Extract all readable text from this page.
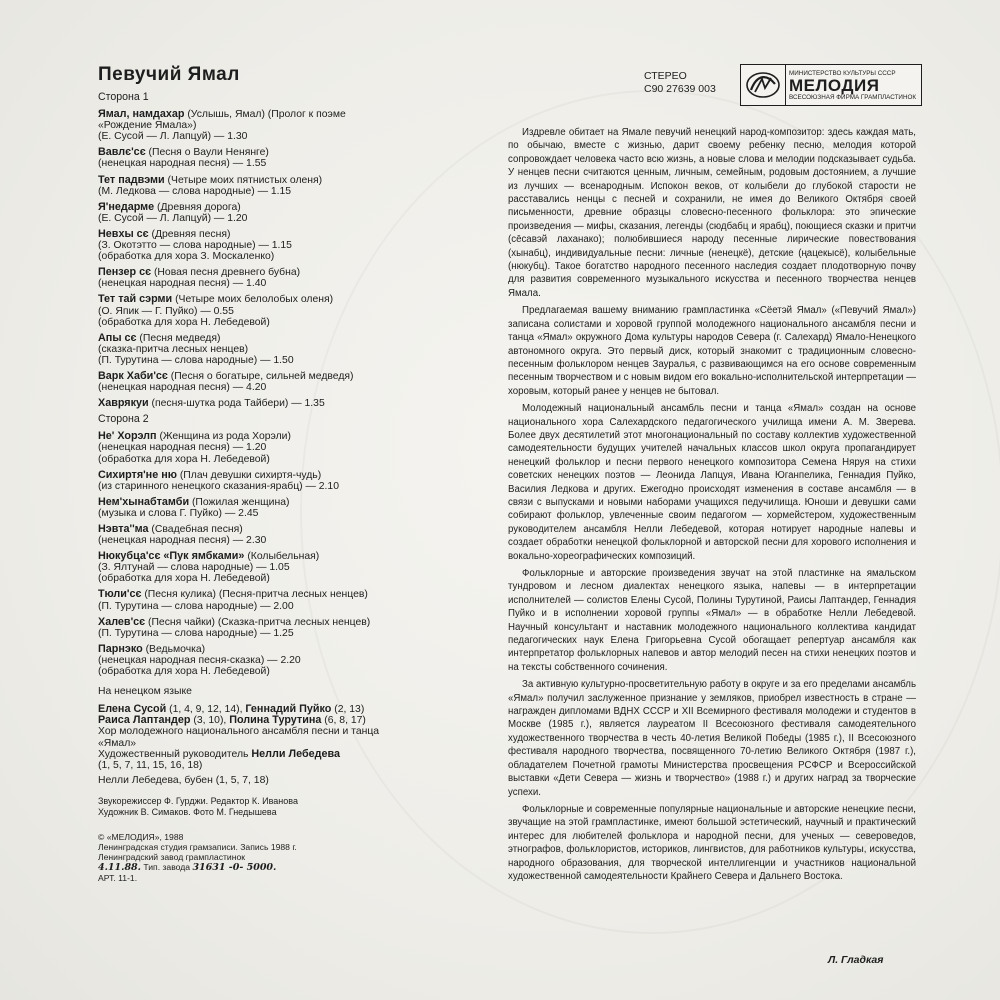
Певучий Ямал	СТЕРЕО
С90 27639 003
МИНИСТЕРСТВО КУЛЬТУРЫ СССР
МЕЛОДИЯ
ВСЕСОЮЗНАЯ ФИРМА ГРАМПЛАСТИНОК
Сторона 1
Ямал, намдахар (Услышь, Ямал) (Пролог к поэме
«Рождение Ямала»)
(Е. Сусой — Л. Лапцуй) — 1.30
Вавлє'сє (Песня о Ваули Ненянге)
(ненецкая народная песня) — 1.55
Тет падвэми (Четыре моих пятнистых оленя)
(М. Ледкова — слова народные) — 1.15
Я'недарме (Древняя дорога)
(Е. Сусой — Л. Лапцуй) — 1.20
Невхы сє (Древняя песня)
(З. Окотэтто — слова народные) — 1.15
(обработка для хора З. Москаленко)
Пензер сє (Новая песня древнего бубна)
(ненецкая народная песня) — 1.40
Тет тай сэрми (Четыре моих белолобых оленя)
(О. Япик — Г. Пуйко) — 0.55
(обработка для хора Н. Лебедевой)
Апы сє (Песня медведя)
(сказка-притча лесных ненцев)
(П. Турутина — слова народные) — 1.50
Варк Хаби'сє (Песня о богатыре, сильней медведя)
(ненецкая народная песня) — 4.20
Хаврякуи (песня-шутка рода Тайбери) — 1.35
Сторона 2
Не' Хорэлп (Женщина из рода Хорэли)
(ненецкая народная песня) — 1.20
(обработка для хора Н. Лебедевой)
Сихиртя'не ню (Плач девушки сихиртя-чудь)
(из старинного ненецкого сказания-ярабц) — 2.10
Нем'хынабтамби (Пожилая женщина)
(музыка и слова Г. Пуйко) — 2.45
Нэвта''ма (Свадебная песня)
(ненецкая народная песня) — 2.30
Нюкубца'сє «Пук ямбками» (Колыбельная)
(З. Ялтунай — слова народные) — 1.05
(обработка для хора Н. Лебедевой)
Тюли'сє (Песня кулика) (Песня-притча лесных ненцев)
(П. Турутина — слова народные) — 2.00
Халев'сє (Песня чайки) (Сказка-притча лесных ненцев)
(П. Турутина — слова народные) — 1.25
Парнэко (Ведьмочка)
(ненецкая народная песня-сказка) — 2.20
(обработка для хора Н. Лебедевой)
На ненецком языке
Елена Сусой (1, 4, 9, 12, 14), Геннадий Пуйко (2, 13)
Раиса Лаптандер (3, 10), Полина Турутина (6, 8, 17)
Хор молодежного национального ансамбля песни и танца
«Ямал»
Художественный руководитель Нелли Лебедева
(1, 5, 7, 11, 15, 16, 18)
Нелли Лебедева, бубен (1, 5, 7, 18)
Звукорежиссер Ф. Гурджи. Редактор К. Иванова
Художник В. Симаков. Фото М. Гнедышева
© «МЕЛОДИЯ», 1988
Ленинградская студия грамзаписи. Запись 1988 г.
Ленинградский завод грампластинок
4.11.88. Тип. завода 31631 -0- 5000.
АРТ. 11-1.

Издревле обитает на Ямале певучий ненецкий народ-композитор: здесь каждая мать, по обычаю, вместе с жизнью, дарит своему ребенку песню, мелодия которой сопровождает человека часто всю жизнь, а новые слова и мелодии подсказывает судьба. У ненцев песни считаются ценным, личным, семейным, родовым достоянием, а лучшие из лучших — всенародным. Испокон веков, от колыбели до глубокой старости не расставались ненцы с песней и сохранили, не имея до Великого Октября своей письменности, древние образцы словесно-песенного фольклора: это эпические произведения — мифы, сказания, легенды (сюдбабц и ярабц), поющиеся сказки и притчи (сēсавэй лаханако); полюбившиеся народу песенные лирические повествования (хынабц), индивидуальные песни: личные (ненецкё), детские (ңацекысё), колыбельные (нюкубц). Такое богатство народного песенного наследия создает плодотворную почву для развития современного музыкального искусства и песенного творчества ненцев Ямала.

Предлагаемая вашему вниманию грампластинка «Сёетэй Ямал» («Певучий Ямал») записана солистами и хоровой группой молодежного национального ансамбля песни и танца «Ямал» окружного Дома культуры народов Севера (г. Салехард) Ямало-Ненецкого автономного округа. Это первый диск, который знакомит с традиционным словесно-песенным фольклором ненцев Зауралья, с развивающимся на его основе современным песенным творчеством и с новым видом его вокально-исполнительской интерпретации — хоровым, который ранее у ненцев не бытовал.

Молодежный национальный ансамбль песни и танца «Ямал» создан на основе национального хора Салехардского педагогического училища имени А. М. Зверева. Более двух десятилетий этот многонациональный по составу коллектив художественной самодеятельности будущих учителей начальных классов школ округа пропагандирует ненецкий фольклор и песни первого ненецкого композитора Семена Няруя на стихи советских ненецких поэтов — Леонида Лапцуя, Ивана Юганпелика, Геннадия Пуйко, Василия Ледкова и других. Ежегодно происходят изменения в составе ансамбля — в связи с выпусками и новыми наборами учащихся педучилища. Юноши и девушки сами собирают фольклор, увлеченные своим педагогом — хормейстером, художественным руководителем ансамбля Нелли Лебедевой, которая нотирует народные напевы и создает обработки ненецкой фольклорной и авторской песни для хорового исполнения и вокально-хореографических композиций.

Фольклорные и авторские произведения звучат на этой пластинке на ямальском тундровом и лесном диалектах ненецкого языка, напевы — в интерпретации исполнителей — солистов Елены Сусой, Полины Турутиной, Раисы Лаптандер, Геннадия Пуйко и в исполнении хоровой группы «Ямал» — в обработке Нелли Лебедевой. Научный консультант и наставник молодежного национального коллектива кандидат педагогических наук Елена Григорьевна Сусой обогащает репертуар ансамбля как интерпретатор фольклорных напевов и автор мелодий песен на стихи ненецких поэтов и на тексты собственного сочинения.

За активную культурно-просветительную работу в округе и за его пределами ансамбль «Ямал» получил заслуженное признание у земляков, приобрел известность в стране — награжден дипломами ВДНХ СССР и XII Всемирного фестиваля молодежи и студентов в Москве (1985 г.), является лауреатом II Всесоюзного фестиваля самодеятельного художественного творчества в честь 40-летия Великой Победы (1985 г.), II Всесоюзного фестиваля народного творчества, посвященного 70-летию Великого Октября (1987 г.), обладателем Почетной грамоты Министерства просвещения РСФСР и Всероссийской выставки «Дети Севера — жизнь и творчество» (1988 г.) и других наград за творческие успехи.

Фольклорные и современные популярные национальные и авторские ненецкие песни, звучащие на этой грампластинке, имеют большой эстетический, научный и практический интерес для любителей фольклора и народной песни, для ученых — североведов, этнографов, фольклористов, историков, лингвистов, для работников культуры, искусства, народного образования, для творческой интеллигенции и участников национальной художественной самодеятельности Крайнего Севера и Дальнего Востока.

Л. Гладкая
